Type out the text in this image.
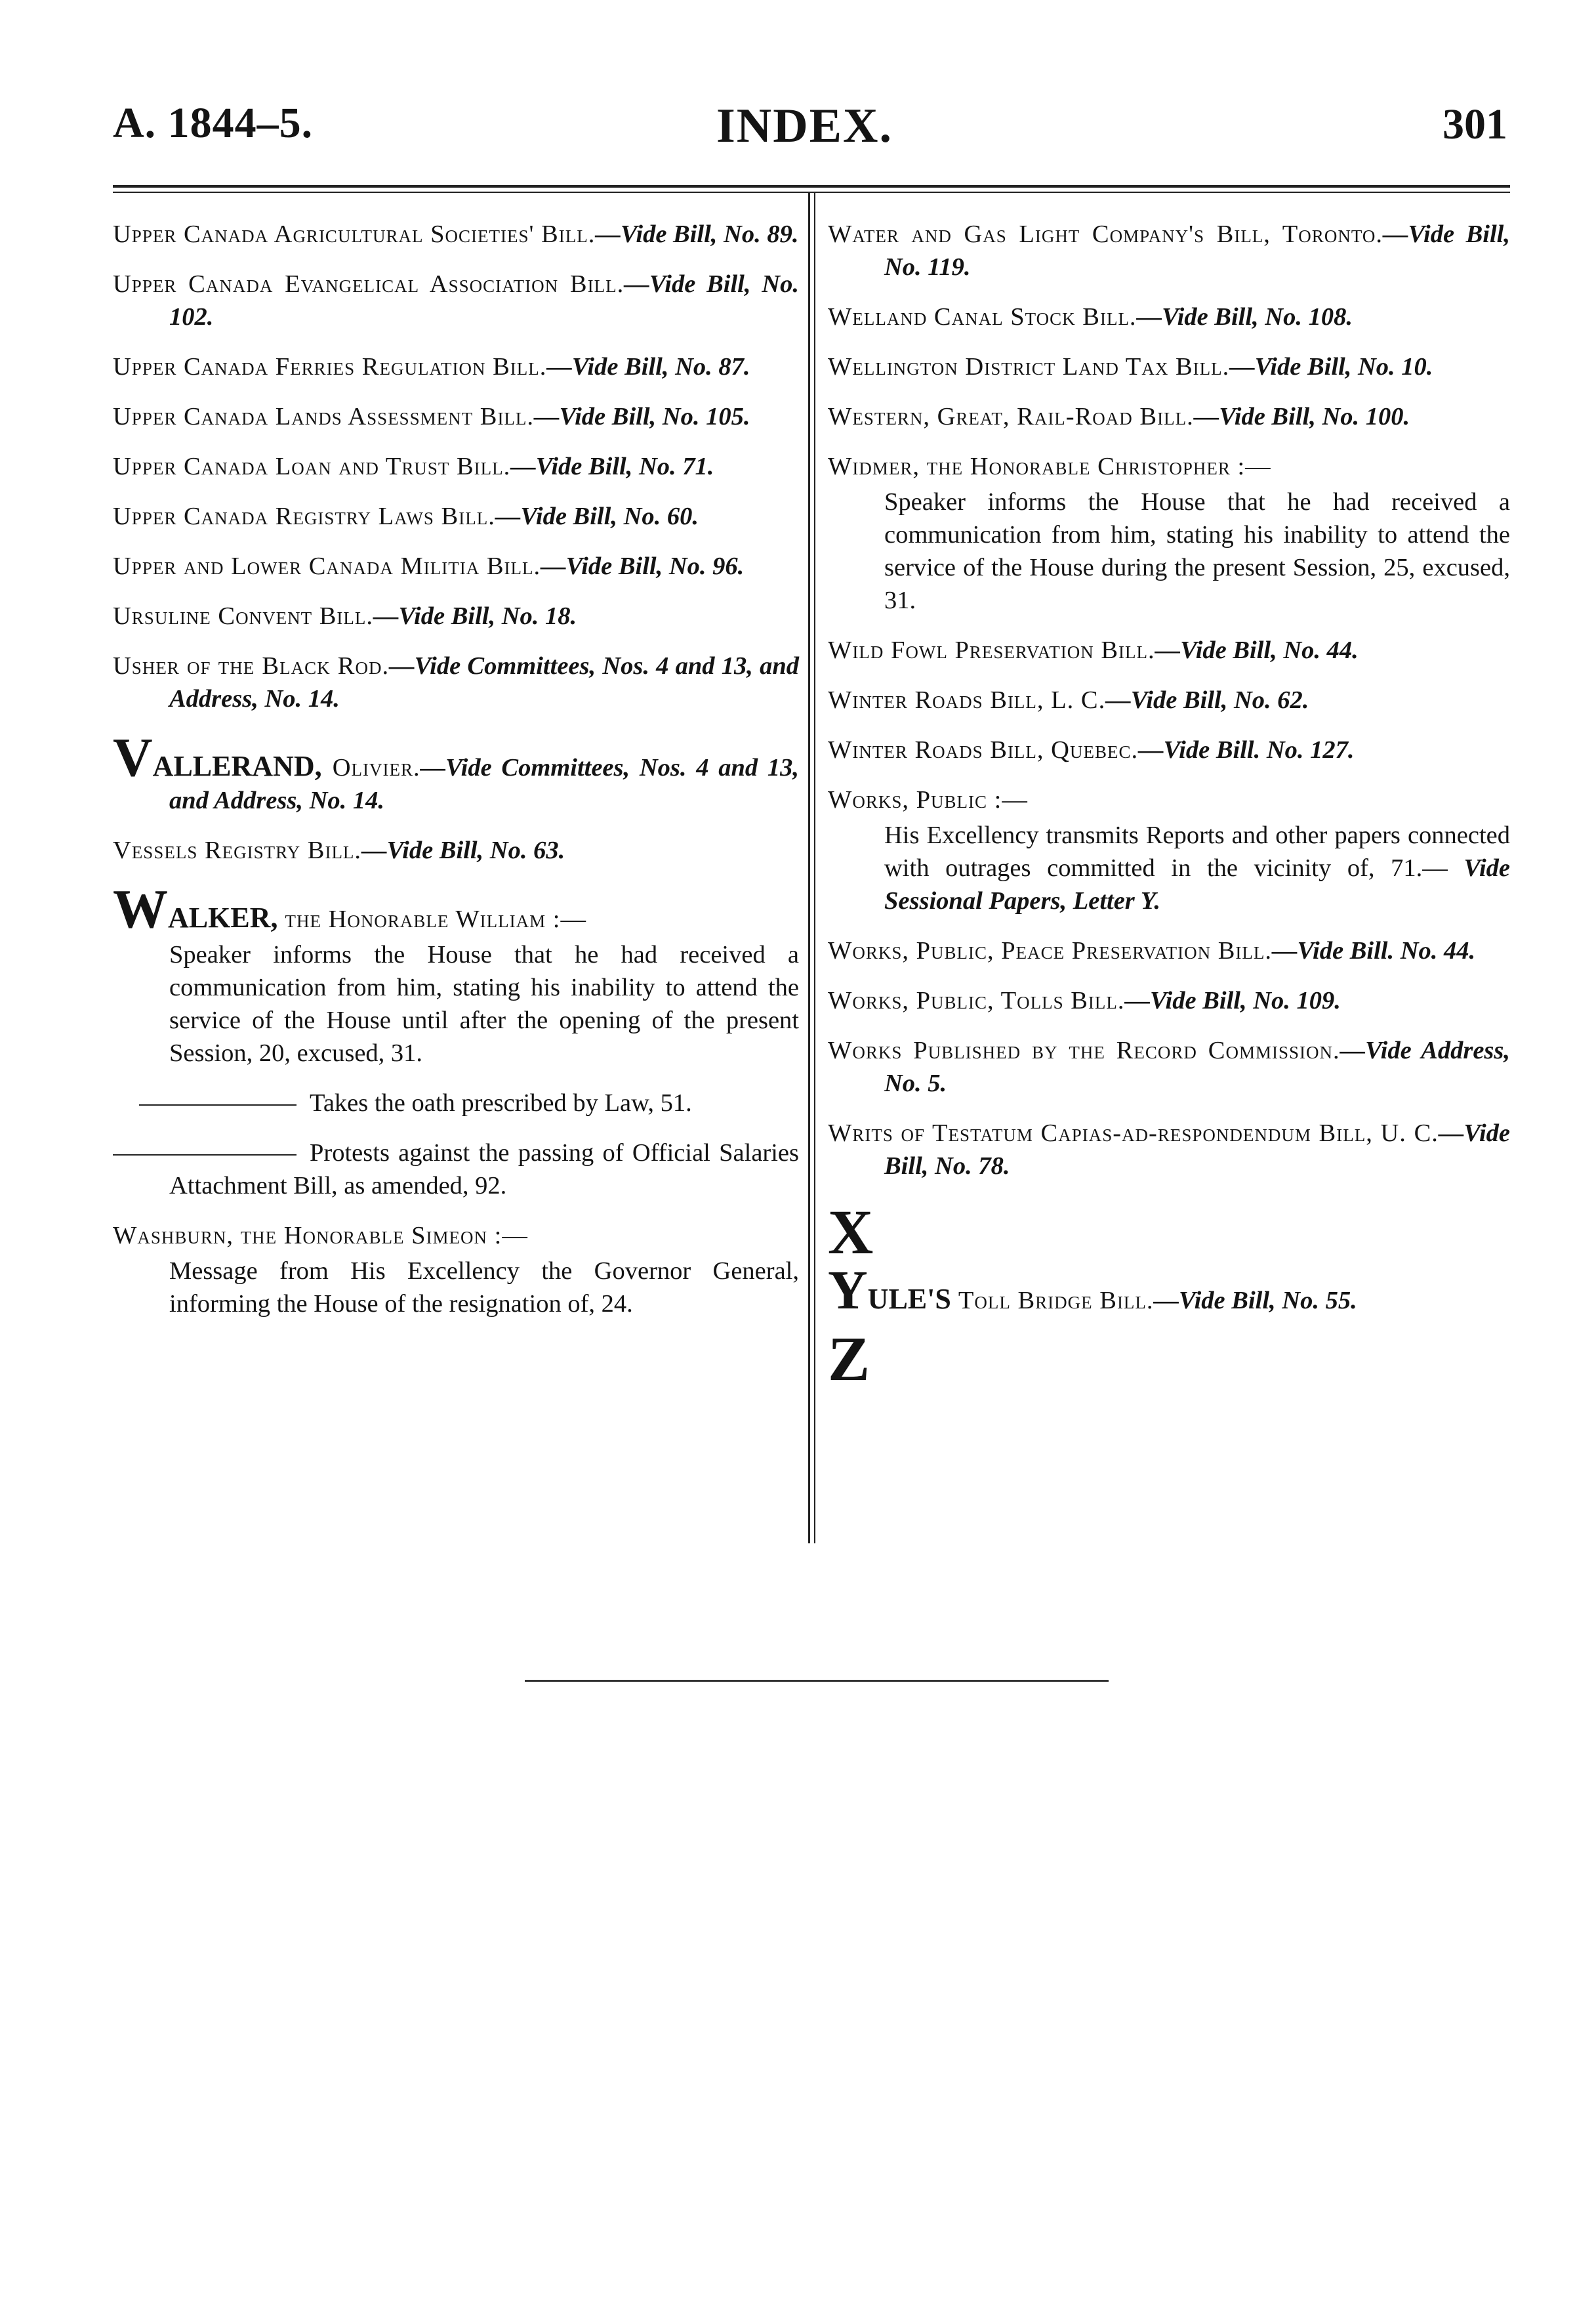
A. 1844–5.	INDEX.	301

Upper Canada Agricultural Societies' Bill.—Vide Bill, No. 89.

Upper Canada Evangelical Association Bill.—Vide Bill, No. 102.

Upper Canada Ferries Regulation Bill.—Vide Bill, No. 87.

Upper Canada Lands Assessment Bill.—Vide Bill, No. 105.

Upper Canada Loan and Trust Bill.—Vide Bill, No. 71.

Upper Canada Registry Laws Bill.—Vide Bill, No. 60.

Upper and Lower Canada Militia Bill.—Vide Bill, No. 96.

Ursuline Convent Bill.—Vide Bill, No. 18.

Usher of the Black Rod.—Vide Committees, Nos. 4 and 13, and Address, No. 14.

VALLERAND, Olivier.—Vide Committees, Nos. 4 and 13, and Address, No. 14.

Vessels Registry Bill.—Vide Bill, No. 63.

WALKER, the Honorable William :—

Speaker informs the House that he had received a communication from him, stating his inability to attend the service of the House until after the opening of the present Session, 20, excused, 31.

Takes the oath prescribed by Law, 51.

Protests against the passing of Official Salaries Attachment Bill, as amended, 92.

Washburn, the Honorable Simeon :—

Message from His Excellency the Governor General, informing the House of the resignation of, 24.

Water and Gas Light Company's Bill, Toronto.—Vide Bill, No. 119.

Welland Canal Stock Bill.—Vide Bill, No. 108.

Wellington District Land Tax Bill.—Vide Bill, No. 10.

Western, Great, Rail-Road Bill.—Vide Bill, No. 100.

Widmer, the Honorable Christopher :—

Speaker informs the House that he had received a communication from him, stating his inability to attend the service of the House during the present Session, 25, excused, 31.

Wild Fowl Preservation Bill.—Vide Bill, No. 44.

Winter Roads Bill, L. C.—Vide Bill, No. 62.

Winter Roads Bill, Quebec.—Vide Bill. No. 127.

Works, Public :—

His Excellency transmits Reports and other papers connected with outrages committed in the vicinity of, 71.— Vide Sessional Papers, Letter Y.

Works, Public, Peace Preservation Bill.—Vide Bill. No. 44.

Works, Public, Tolls Bill.—Vide Bill, No. 109.

Works Published by the Record Commission.—Vide Address, No. 5.

Writs of Testatum Capias-ad-respondendum Bill, U. C.—Vide Bill, No. 78.

X

YULE'S Toll Bridge Bill.—Vide Bill, No. 55.

Z
